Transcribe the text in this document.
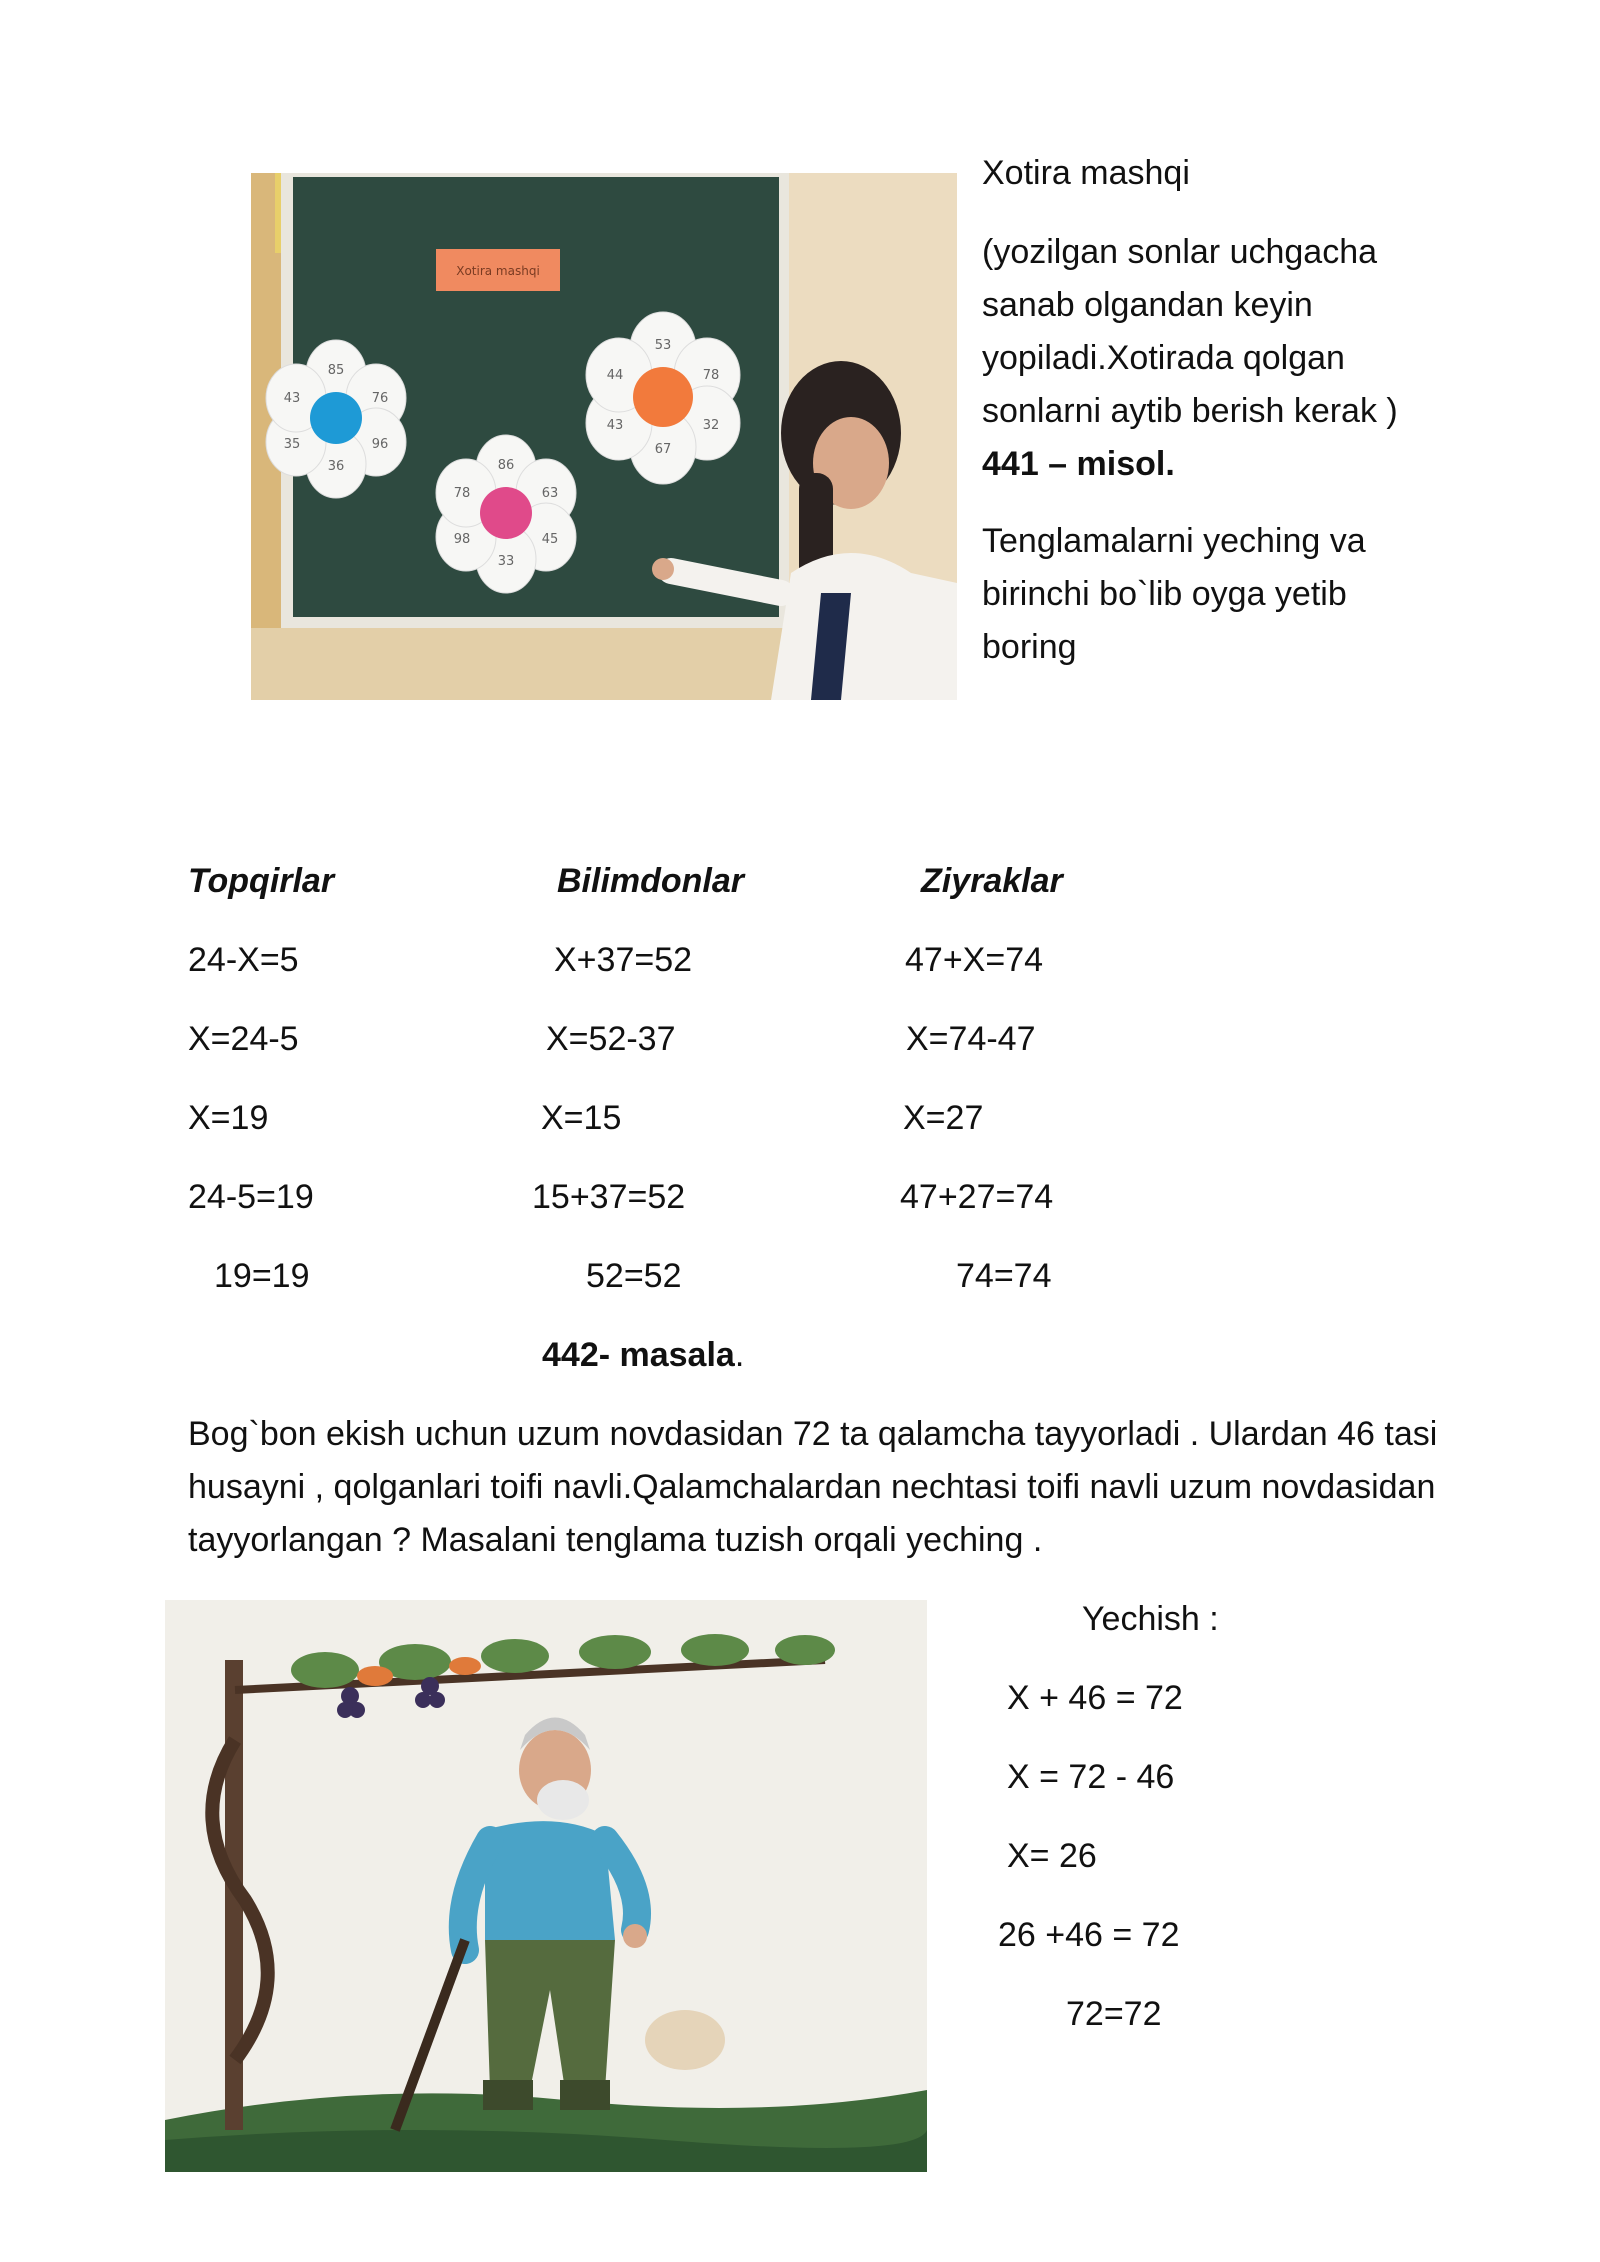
Xotira mashqi
85
76
96
36
35
43
86
63
45
33
98
78
53
78
32
67
43
44
Xotira mashqi
(yozilgan sonlar uchgacha
sanab olgandan keyin
yopiladi.Xotirada qolgan
sonlarni aytib berish kerak )
441 – misol.
Tenglamalarni yeching va
birinchi bo`lib oyga yetib
boring
Topqirlar	Bilimdonlar	Ziyraklar
24-X=5
X=24-5
X=19
24-5=19
19=19
X+37=52
X=52-37
X=15
15+37=52
52=52
47+X=74
X=74-47
X=27
47+27=74
74=74
442- masala.
Bog`bon ekish uchun uzum novdasidan 72 ta qalamcha tayyorladi . Ulardan 46 tasi husayni , qolganlari toifi navli.Qalamchalardan nechtasi toifi navli uzum novdasidan tayyorlangan ? Masalani tenglama tuzish orqali yeching .
Yechish :
X + 46 = 72
X = 72 - 46
X= 26
26 +46 = 72
72=72
